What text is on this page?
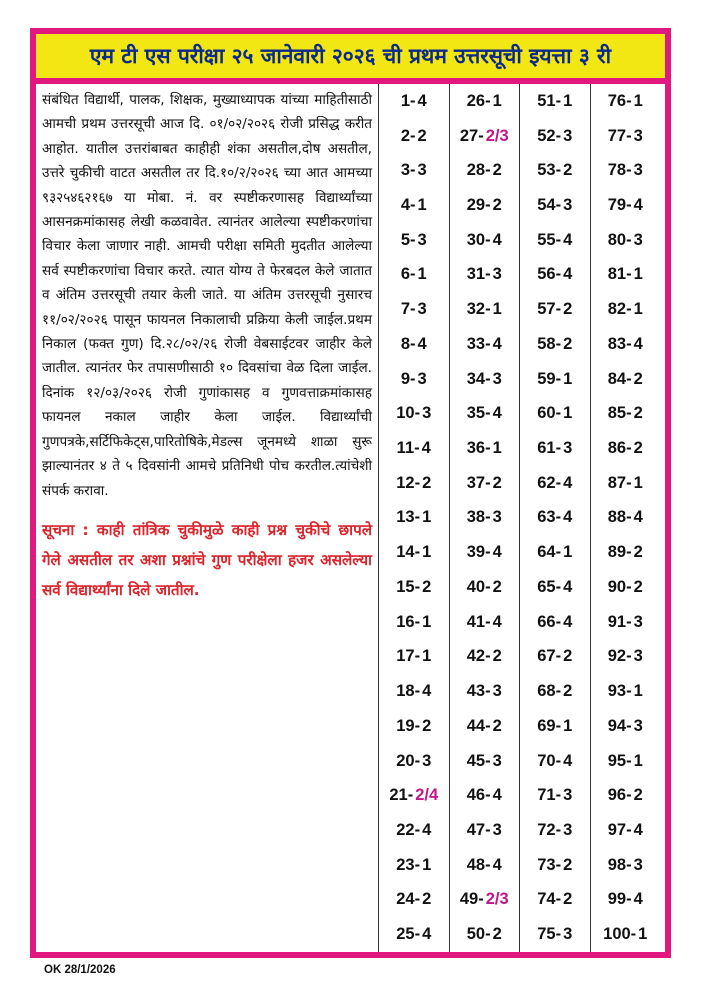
एम टी एस परीक्षा २५ जानेवारी २०२६ ची प्रथम उत्तरसूची इयत्ता ३ री

संबंधित विद्यार्थी, पालक, शिक्षक, मुख्याध्यापक यांच्या माहितीसाठी आमची प्रथम उत्तरसूची आज दि. ०१/०२/२०२६ रोजी प्रसिद्ध करीत आहोत. यातील उत्तरांबाबत काहीही शंका असतील,दोष असतील, उत्तरे चुकीची वाटत असतील तर दि.१०/२/२०२६ च्या आत आमच्या ९३२५४६२१६७ या मोबा. नं. वर स्पष्टीकरणासह विद्यार्थ्यांच्या आसनक्रमांकासह लेखी कळवावेत. त्यानंतर आलेल्या स्पष्टीकरणांचा विचार केला जाणार नाही. आमची परीक्षा समिती मुदतीत आलेल्या सर्व स्पष्टीकरणांचा विचार करते. त्यात योग्य ते फेरबदल केले जातात व अंतिम उत्तरसूची तयार केली जाते. या अंतिम उत्तरसूची नुसारच ११/०२/२०२६ पासून फायनल निकालाची प्रक्रिया केली जाईल.प्रथम निकाल (फक्त गुण) दि.२८/०२/२६ रोजी वेबसाईटवर जाहीर केले जातील. त्यानंतर फेर तपासणीसाठी १० दिवसांचा वेळ दिला जाईल. दिनांक १२/०३/२०२६ रोजी गुणांकासह व गुणवत्ताक्रमांकासह फायनल नकाल जाहीर केला जाईल. विद्यार्थ्यांची गुणपत्रके,सर्टिफिकेट्स,पारितोषिके,मेडल्स जूनमध्ये शाळा सुरू झाल्यानंतर ४ ते ५ दिवसांनी आमचे प्रतिनिधी पोच करतील.त्यांचेशी संपर्क करावा.

सूचना : काही तांत्रिक चुकीमुळे काही प्रश्न चुकीचे छापले गेले असतील तर अशा प्रश्नांचे गुण परीक्षेला हजर असलेल्या सर्व विद्यार्थ्यांना दिले जातील.

1 - 4
2 - 2
3 - 3
4 - 1
5 - 3
6 - 1
7 - 3
8 - 4
9 - 3
10 - 3
11 - 4
12 - 2
13 - 1
14 - 1
15 - 2
16 - 1
17 - 1
18 - 4
19 - 2
20 - 3
21 - 2/4
22 - 4
23 - 1
24 - 2
25 - 4
26 - 1
27 - 2/3
28 - 2
29 - 2
30 - 4
31 - 3
32 - 1
33 - 4
34 - 3
35 - 4
36 - 1
37 - 2
38 - 3
39 - 4
40 - 2
41 - 4
42 - 2
43 - 3
44 - 2
45 - 3
46 - 4
47 - 3
48 - 4
49 - 2/3
50 - 2
51 - 1
52 - 3
53 - 2
54 - 3
55 - 4
56 - 4
57 - 2
58 - 2
59 - 1
60 - 1
61 - 3
62 - 4
63 - 4
64 - 1
65 - 4
66 - 4
67 - 2
68 - 2
69 - 1
70 - 4
71 - 3
72 - 3
73 - 2
74 - 2
75 - 3
76 - 1
77 - 3
78 - 3
79 - 4
80 - 3
81 - 1
82 - 1
83 - 4
84 - 2
85 - 2
86 - 2
87 - 1
88 - 4
89 - 2
90 - 2
91 - 3
92 - 3
93 - 1
94 - 3
95 - 1
96 - 2
97 - 4
98 - 3
99 - 4
100 - 1
OK 28/1/2026
